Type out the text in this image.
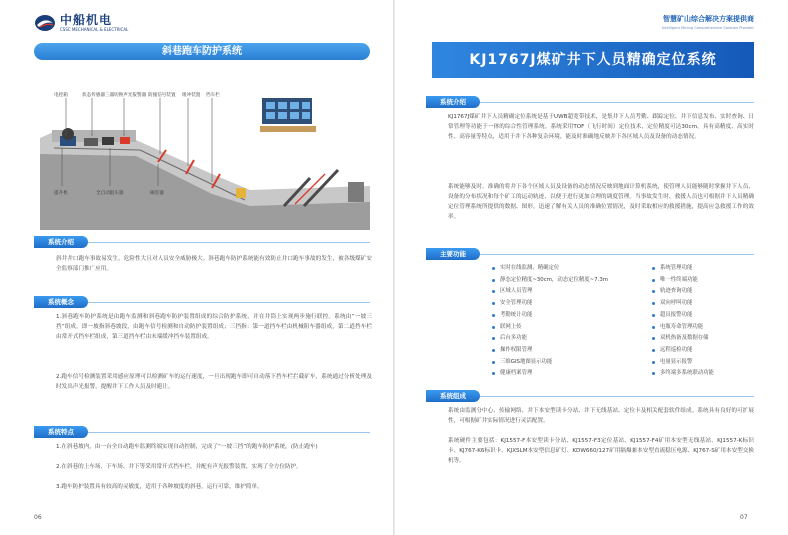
中船机电
CSSC MECHANICAL & ELECTRICAL
斜巷跑车防护系统
电控箱	状态传感器三器 切换声光报警器 防撞信号装置 缓冲装置 挡车栏
提升机	全自动阻车器	硐室器
系统介绍

斜井井口跑车事故易发生，危险性大且对人员安全威胁极大。斜巷跑车防护系统能有效防止井口跑车事故的发生，被各级煤矿安全监察部门推广应用。

系统概念

1.斜巷跑车防护系统是由跑车监测和斜巷跑车防护装置组成的综合防护系统，并在井筒上实现两步施行联控。系统由“一坡三挡”组成，即一坡指斜巷坡段，由跑车信号检测和自动防护装置组成；三挡指：第一道挡车栏由机械阻车器组成，第二道挡车栏由常开式挡车栏组成，第三道挡车栏由末端缓冲挡车装置组成。

2.跑车信号检测装置采用感应原理可以检测矿车的运行速度，一旦出现跑车即可自动落下挡车栏拦截矿车，系统通过分析处理及时发出声光报警，提醒井下工作人员及时避让。

系统特点

1.在斜巷坡内，由一台全自动跑车监测终端实现自动控制，完成了“一坡三挡”的跑车防护系统。(防止跑车)

2.在斜巷的上车场、下车场、井下等采用常开式挡车栏，并配有声光报警装置，实现了全方位防护。

3.跑车防护装置具有较高的灵敏度，适用于各种坡度的斜巷，运行可靠，维护简单。

06
智慧矿山综合解决方案提供商
Intelligent Mining Comprehensive Solution Provider
KJ1767J煤矿井下人员精确定位系统
系统介绍

KJ1767J煤矿井下人员精确定位系统是基于UWB超宽带技术，是集井下人员考勤、跟踪定位、井下信息发布、实时查询、日常管理等功能于一体的综合性管理系统。系统采用TOF（飞行时间）定位技术，定位精度可达30cm，具有高精度、高实时性、高容量等特点，适用于井下各种复杂环境，能及时准确地反映井下各区域人员及设备的动态情况。

系统能够及时、准确的将井下各个区域人员及设备的动态情况反映到地面计算机系统，使管理人员能够随时掌握井下人员、设备的分布状况和每个矿工的运动轨迹，以便于进行更加合理的调度管理。当事故发生时，救援人员也可根据井下人员精确定位管理系统所提供的数据、图形，迅速了解有关人员的准确位置情况，及时采取相应的救援措施，提高应急救援工作的效率。

主要功能
实时在线监测、精确定位
静态定位精度~30cm，动态定位精度~7.3m
区域人员管理
安全管理功能
考勤统计功能
联网上传
后台多功能
操作权限管理
三维GIS地图显示功能
健康档案管理
系统管理功能
唯一性终端功能
轨迹查询功能
双向呼叫功能
超员报警功能
电瓶寿命管理功能
双机热备及数据存储
远程巡检功能
电量显示报警
多终端多系统联动功能
系统组成

系统由监测分中心、传输网络、井下本安型读卡分站、井下无线基站、定位卡及相关配套软件组成。系统具有良好的可扩展性，可根据矿井实际情况进行灵活配置。

系统硬件主要包括：KJ1557-F本安型读卡分站、KJ1557-F3定位基站、KJ1557-F4矿用本安型无线基站、KJ1557-K标识卡、KJ767-K6标识卡、KJXSLM本安型信息矿灯、KDW660/127矿用隔爆兼本安型直流稳压电源、KJ767-S矿用本安型交换机等。

07
